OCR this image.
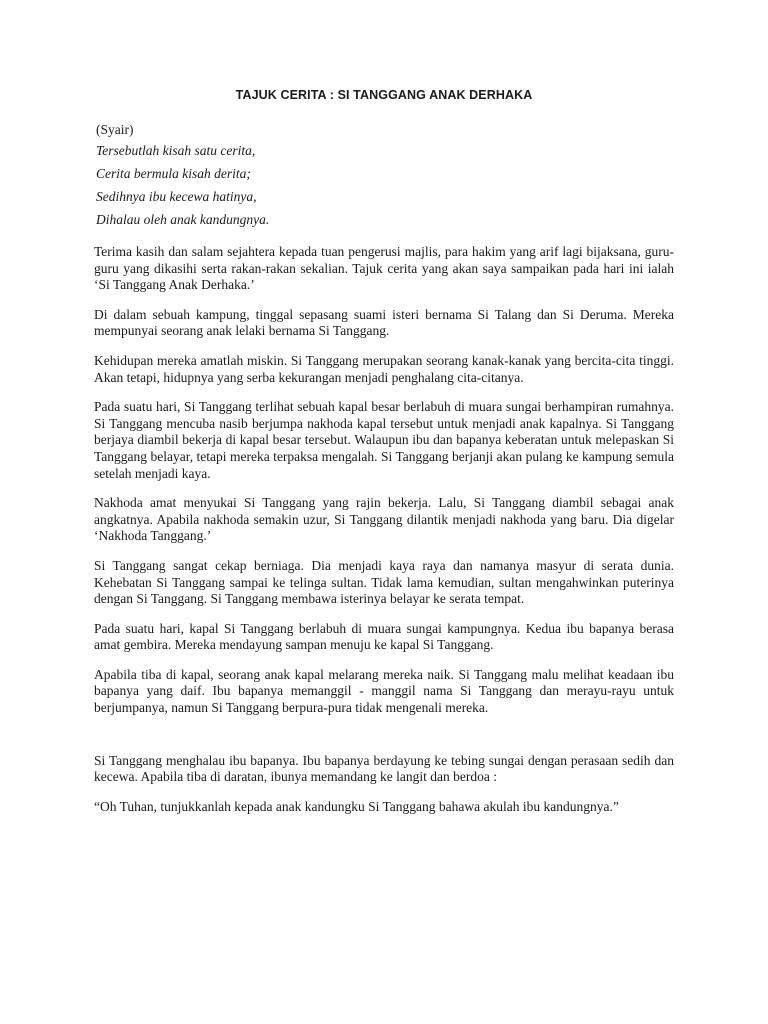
TAJUK CERITA : SI TANGGANG ANAK DERHAKA
(Syair)
Tersebutlah kisah satu cerita,
Cerita bermula kisah derita;
Sedihnya ibu kecewa hatinya,
Dihalau oleh anak kandungnya.

Terima kasih dan salam sejahtera kepada tuan pengerusi majlis, para hakim yang arif lagi bijaksana, guru-guru yang dikasihi serta rakan-rakan sekalian. Tajuk cerita yang akan saya sampaikan pada hari ini ialah ‘Si Tanggang Anak Derhaka.’

Di dalam sebuah kampung, tinggal sepasang suami isteri bernama Si Talang dan Si Deruma. Mereka mempunyai seorang anak lelaki bernama Si Tanggang.

Kehidupan mereka amatlah miskin. Si Tanggang merupakan seorang kanak-kanak yang bercita-cita tinggi. Akan tetapi, hidupnya yang serba kekurangan menjadi penghalang cita-citanya.

Pada suatu hari, Si Tanggang terlihat sebuah kapal besar berlabuh di muara sungai berhampiran rumahnya. Si Tanggang mencuba nasib berjumpa nakhoda kapal tersebut untuk menjadi anak kapalnya. Si Tanggang berjaya diambil bekerja di kapal besar tersebut. Walaupun ibu dan bapanya keberatan untuk melepaskan Si Tanggang belayar, tetapi mereka terpaksa mengalah. Si Tanggang berjanji akan pulang ke kampung semula setelah menjadi kaya.

Nakhoda amat menyukai Si Tanggang yang rajin bekerja. Lalu, Si Tanggang diambil sebagai anak angkatnya. Apabila nakhoda semakin uzur, Si Tanggang dilantik menjadi nakhoda yang baru. Dia digelar ‘Nakhoda Tanggang.’

Si Tanggang sangat cekap berniaga. Dia menjadi kaya raya dan namanya masyur di serata dunia. Kehebatan Si Tanggang sampai ke telinga sultan. Tidak lama kemudian, sultan mengahwinkan puterinya dengan Si Tanggang. Si Tanggang membawa isterinya belayar ke serata tempat.

Pada suatu hari, kapal Si Tanggang berlabuh di muara sungai kampungnya. Kedua ibu bapanya berasa amat gembira. Mereka mendayung sampan menuju ke kapal Si Tanggang.

Apabila tiba di kapal, seorang anak kapal melarang mereka naik. Si Tanggang malu melihat keadaan ibu bapanya yang daif. Ibu bapanya memanggil - manggil nama Si Tanggang dan merayu-rayu untuk berjumpanya, namun Si Tanggang berpura-pura tidak mengenali mereka.

Si Tanggang menghalau ibu bapanya. Ibu bapanya berdayung ke tebing sungai dengan perasaan sedih dan kecewa. Apabila tiba di daratan, ibunya memandang ke langit dan berdoa :

“Oh Tuhan, tunjukkanlah kepada anak kandungku Si Tanggang bahawa akulah ibu kandungnya.”
